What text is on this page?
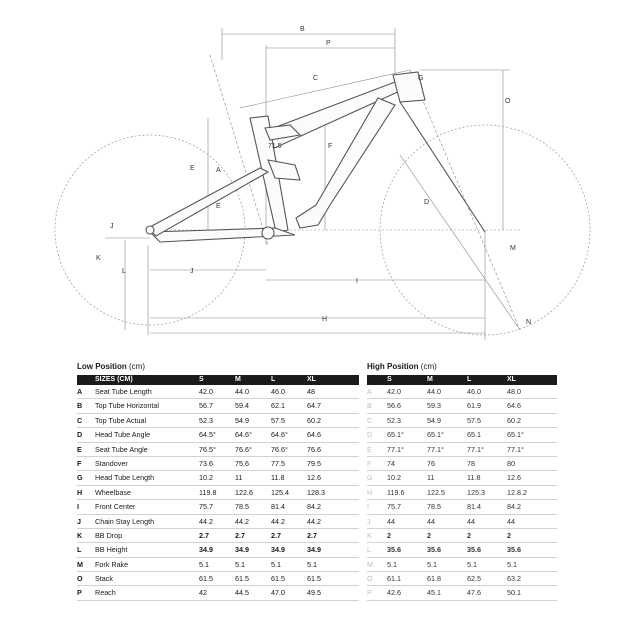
B
P
C	G
O
F
E	A
E
D
J
K
L	J
I
H
M
N
71.5
Low Position (cm)
SIZES (CM)	S	M	L	XL
A	Seat Tube Length	42.0	44.0	46.0	48
B	Top Tube Horizontal	56.7	59.4	62.1	64.7
C	Top Tube Actual	52.3	54.9	57.5	60.2
D	Head Tube Angle	64.5°	64.6°	64.6°	64.6
E	Seat Tube Angle	76.5°	76.6°	76.6°	76.6
F	Standover	73.6	75.6	77.5	79.5
G	Head Tube Length	10.2	11	11.8	12.6
H	Wheelbase	119.8	122.6	125.4	128.3
I	Front Center	75.7	78.5	81.4	84.2
J	Chain Stay Length	44.2	44.2	44.2	44.2
K	BB Drop	2.7	2.7	2.7	2.7
L	BB Height	34.9	34.9	34.9	34.9
M	Fork Rake	5.1	5.1	5.1	5.1
O	Stack	61.5	61.5	61.5	61.5
P	Reach	42	44.5	47.0	49.5
High Position (cm)
S	M	L	XL
A	42.0	44.0	46.0	48.0
B	56.6	59.3	61.9	64.6
C	52.3	54.9	57.5	60.2
D	65.1°	65.1°	65.1	65.1°
E	77.1°	77.1°	77.1°	77.1°
F	74	76	78	80
G	10.2	11	11.8	12.6
H	119.6	122.5	125.3	12.8.2
I	75.7	78.5	81.4	84.2
J	44	44	44	44
K	2	2	2	2
L	35.6	35.6	35.6	35.6
M	5.1	5.1	5.1	5.1
O	61.1	61.8	62.5	63.2
P	42.6	45.1	47.6	50.1
